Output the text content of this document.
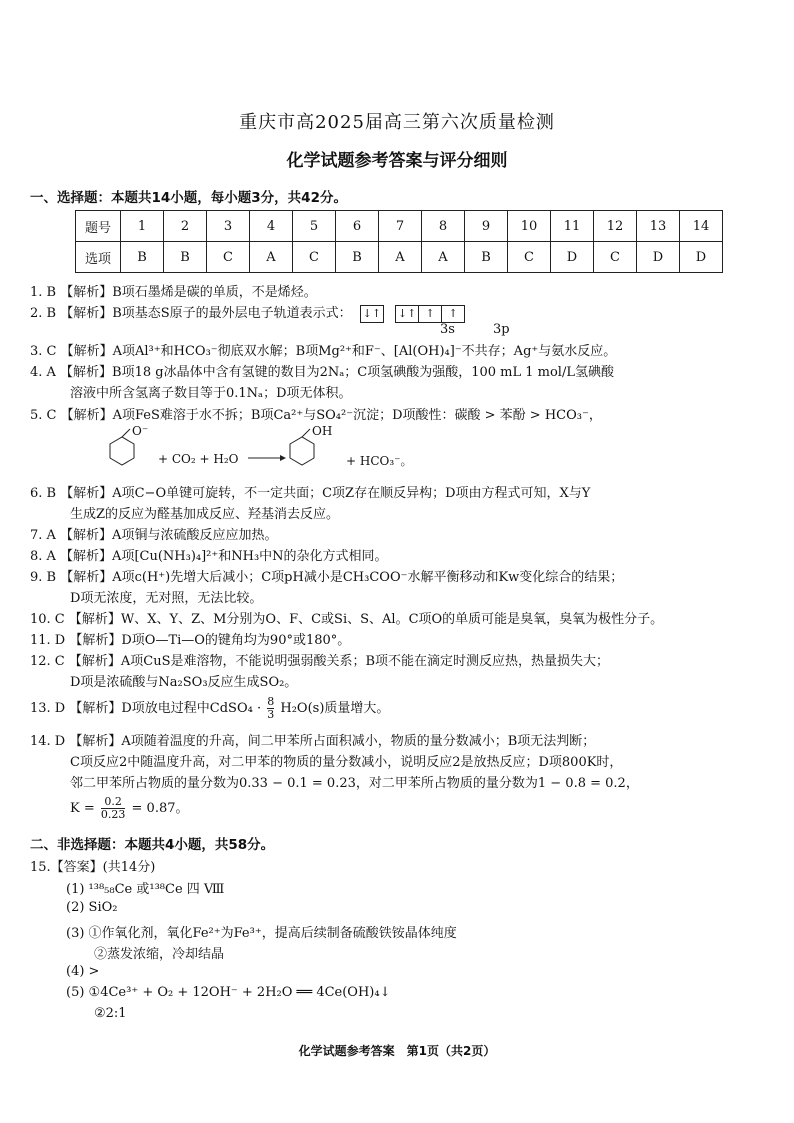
重庆市高2025届高三第六次质量检测
化学试题参考答案与评分细则
一、选择题：本题共14小题，每小题3分，共42分。
题号	1	2	3	4	5	6	7	8	9	10	11	12	13	14
选项	B	B	C	A	C	B	A	A	B	C	D	C	D	D
1. B 【解析】B项石墨烯是碳的单质，不是烯烃。
2. B 【解析】B项基态S原子的最外层电子轨道表示式： ↓↑ ↓↑ ↑ ↑
3s	3p
3. C 【解析】A项Al³⁺和HCO₃⁻彻底双水解；B项Mg²⁺和F⁻、[Al(OH)₄]⁻不共存；Ag⁺与氨水反应。
4. A 【解析】B项18 g冰晶体中含有氢键的数目为2Nₐ；C项氢碘酸为强酸，100 mL 1 mol/L氢碘酸
溶液中所含氢离子数目等于0.1Nₐ；D项无体积。
5. C 【解析】A项FeS难溶于水不拆；B项Ca²⁺与SO₄²⁻沉淀；D项酸性：碳酸 > 苯酚 > HCO₃⁻，
O⁻	OH
+ CO₂ + H₂O	+ HCO₃⁻。
6. B 【解析】A项C−O单键可旋转，不一定共面；C项Z存在顺反异构；D项由方程式可知，X与Y
生成Z的反应为醛基加成反应、羟基消去反应。
7. A 【解析】A项铜与浓硫酸反应应加热。
8. A 【解析】A项[Cu(NH₃)₄]²⁺和NH₃中N的杂化方式相同。
9. B 【解析】A项c(H⁺)先增大后减小；C项pH减小是CH₃COO⁻水解平衡移动和Kw变化综合的结果；
D项无浓度，无对照，无法比较。
10. C 【解析】W、X、Y、Z、M分别为O、F、C或Si、S、Al。C项O的单质可能是臭氧，臭氧为极性分子。
11. D 【解析】D项O—Ti—O的键角均为90°或180°。
12. C 【解析】A项CuS是难溶物，不能说明强弱酸关系；B项不能在滴定时测反应热，热量损失大；
D项是浓硫酸与Na₂SO₃反应生成SO₂。
13. D 【解析】D项放电过程中CdSO₄ · $\frac{8}{3} H_2O(s)$质量增大。
14. D 【解析】A项随着温度的升高，间二甲苯所占面积减小，物质的量分数减小；B项无法判断；
C项反应2中随温度升高，对二甲苯的物质的量分数减小，说明反应2是放热反应；D项800K时，
邻二甲苯所占物质的量分数为0.33 − 0.1 = 0.23，对二甲苯所占物质的量分数为1 − 0.8 = 0.2，
$K = \frac{0.2}{0.23} = 0.87$。
二、非选择题：本题共4小题，共58分。
15.【答案】(共14分)
(1) ¹³⁸₅₈Ce 或¹³⁸Ce 四 Ⅷ
(2) SiO₂
(3) ①作氧化剂，氧化Fe²⁺为Fe³⁺，提高后续制备硫酸铁铵晶体纯度
②蒸发浓缩，冷却结晶
(4) >
(5) ①4Ce³⁺ + O₂ + 12OH⁻ + 2H₂O ══ 4Ce(OH)₄↓
②2:1
化学试题参考答案　第1页（共2页）
